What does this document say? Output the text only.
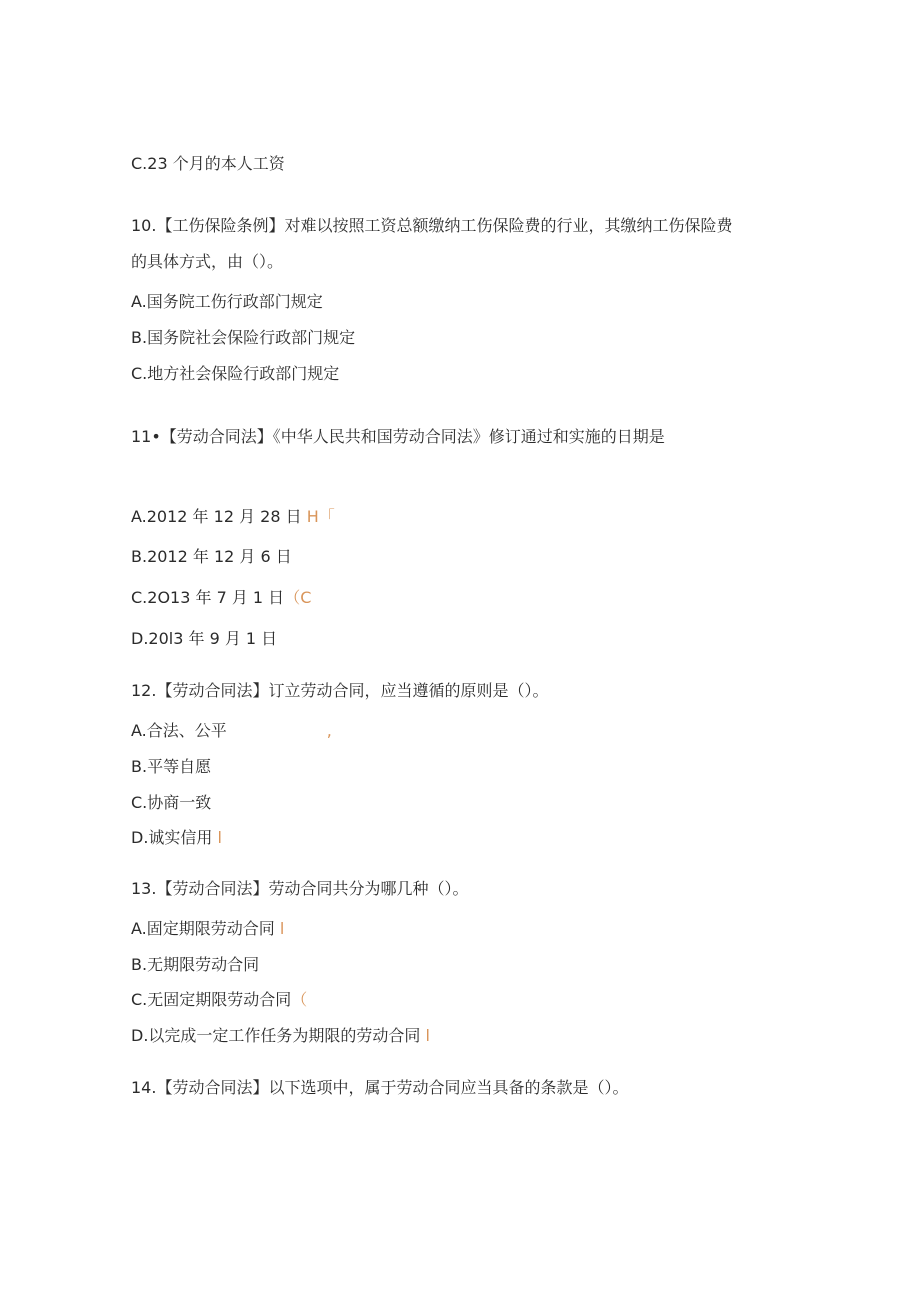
C.23 个月的本人工资
10.【工伤保险条例】对难以按照工资总额缴纳工伤保险费的行业，其缴纳工伤保险费
的具体方式，由（）。
A.国务院工伤行政部门规定
B.国务院社会保险行政部门规定
C.地方社会保险行政部门规定
11•【劳动合同法】《中华人民共和国劳动合同法》修订通过和实施的日期是
A.2012 年 12 月 28 日 H「
B.2012 年 12 月 6 日
C.2O13 年 7 月 1 日（C
D.20l3 年 9 月 1 日
12.【劳动合同法】订立劳动合同，应当遵循的原则是（）。
A.合法、公平	,
B.平等自愿
C.协商一致
D.诚实信用 l
13.【劳动合同法】劳动合同共分为哪几种（）。
A.固定期限劳动合同 l
B.无期限劳动合同
C.无固定期限劳动合同（
D.以完成一定工作任务为期限的劳动合同 l
14.【劳动合同法】以下选项中，属于劳动合同应当具备的条款是（）。
